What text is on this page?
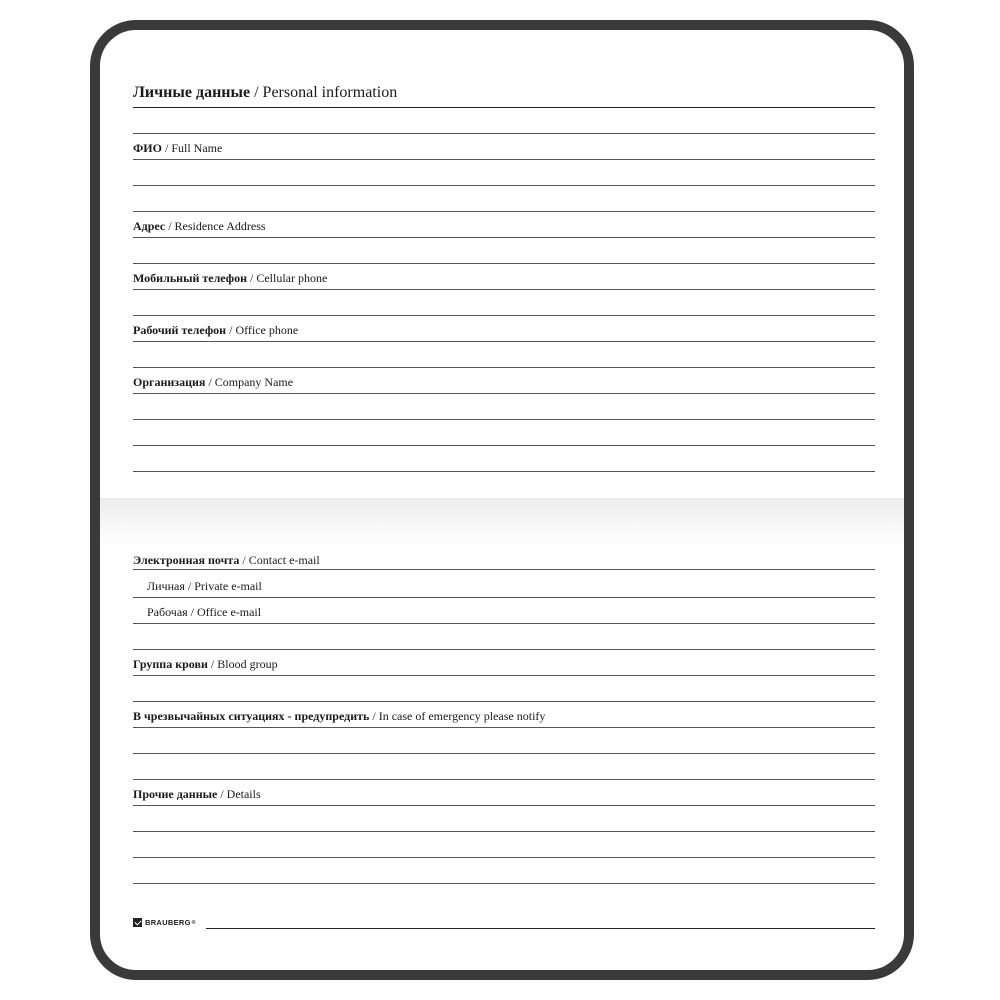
Личные данные / Personal information
ФИО / Full Name
Адрес / Residence Address
Мобильный телефон / Cellular phone
Рабочий телефон / Office phone
Организация / Company Name
Электронная почта / Contact e-mail
Личная / Private e-mail
Рабочая / Office e-mail
Группа крови / Blood group
В чрезвычайных ситуациях - предупредить / In case of emergency please notify
Прочие данные / Details
BRAUBERG ®
